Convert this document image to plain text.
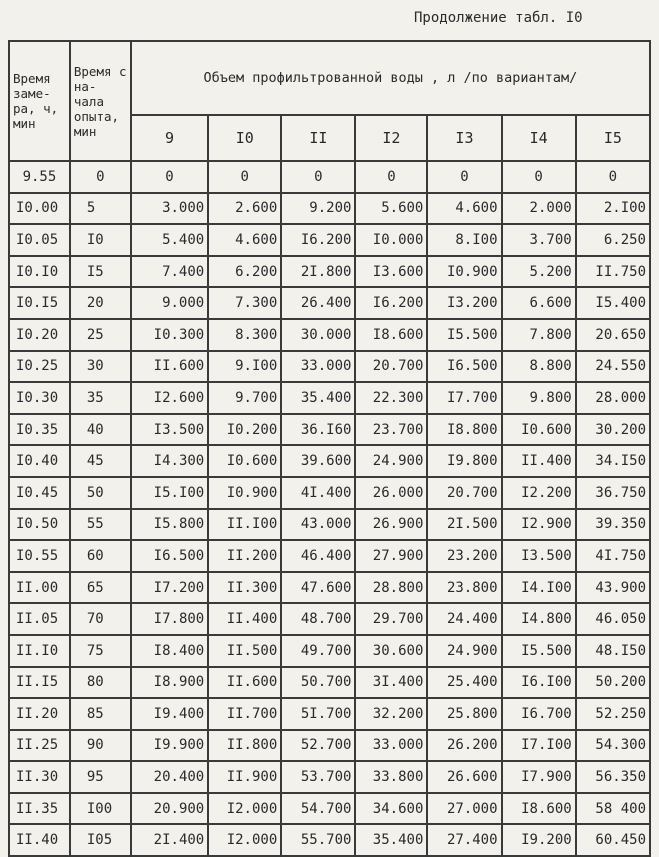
Продолжение табл. I0
Время заме- ра, ч, мин	Время с на- чала опыта, мин	Объем профильтрованной воды , л /по вариантам/						
		9	I0	II	I2	I3	I4	I5
9.55	0	0	0	0	0	0	0	0
I0.00	5	3.000	2.600	9.200	5.600	4.600	2.000	2.I00
I0.05	I0	5.400	4.600	I6.200	I0.000	8.I00	3.700	6.250
I0.I0	I5	7.400	6.200	2I.800	I3.600	I0.900	5.200	II.750
I0.I5	20	9.000	7.300	26.400	I6.200	I3.200	6.600	I5.400
I0.20	25	I0.300	8.300	30.000	I8.600	I5.500	7.800	20.650
I0.25	30	II.600	9.I00	33.000	20.700	I6.500	8.800	24.550
I0.30	35	I2.600	9.700	35.400	22.300	I7.700	9.800	28.000
I0.35	40	I3.500	I0.200	36.I60	23.700	I8.800	I0.600	30.200
I0.40	45	I4.300	I0.600	39.600	24.900	I9.800	II.400	34.I50
I0.45	50	I5.I00	I0.900	4I.400	26.000	20.700	I2.200	36.750
I0.50	55	I5.800	II.I00	43.000	26.900	2I.500	I2.900	39.350
I0.55	60	I6.500	II.200	46.400	27.900	23.200	I3.500	4I.750
II.00	65	I7.200	II.300	47.600	28.800	23.800	I4.I00	43.900
II.05	70	I7.800	II.400	48.700	29.700	24.400	I4.800	46.050
II.I0	75	I8.400	II.500	49.700	30.600	24.900	I5.500	48.I50
II.I5	80	I8.900	II.600	50.700	3I.400	25.400	I6.I00	50.200
II.20	85	I9.400	II.700	5I.700	32.200	25.800	I6.700	52.250
II.25	90	I9.900	II.800	52.700	33.000	26.200	I7.I00	54.300
II.30	95	20.400	II.900	53.700	33.800	26.600	I7.900	56.350
II.35	I00	20.900	I2.000	54.700	34.600	27.000	I8.600	58 400
II.40	I05	2I.400	I2.000	55.700	35.400	27.400	I9.200	60.450
